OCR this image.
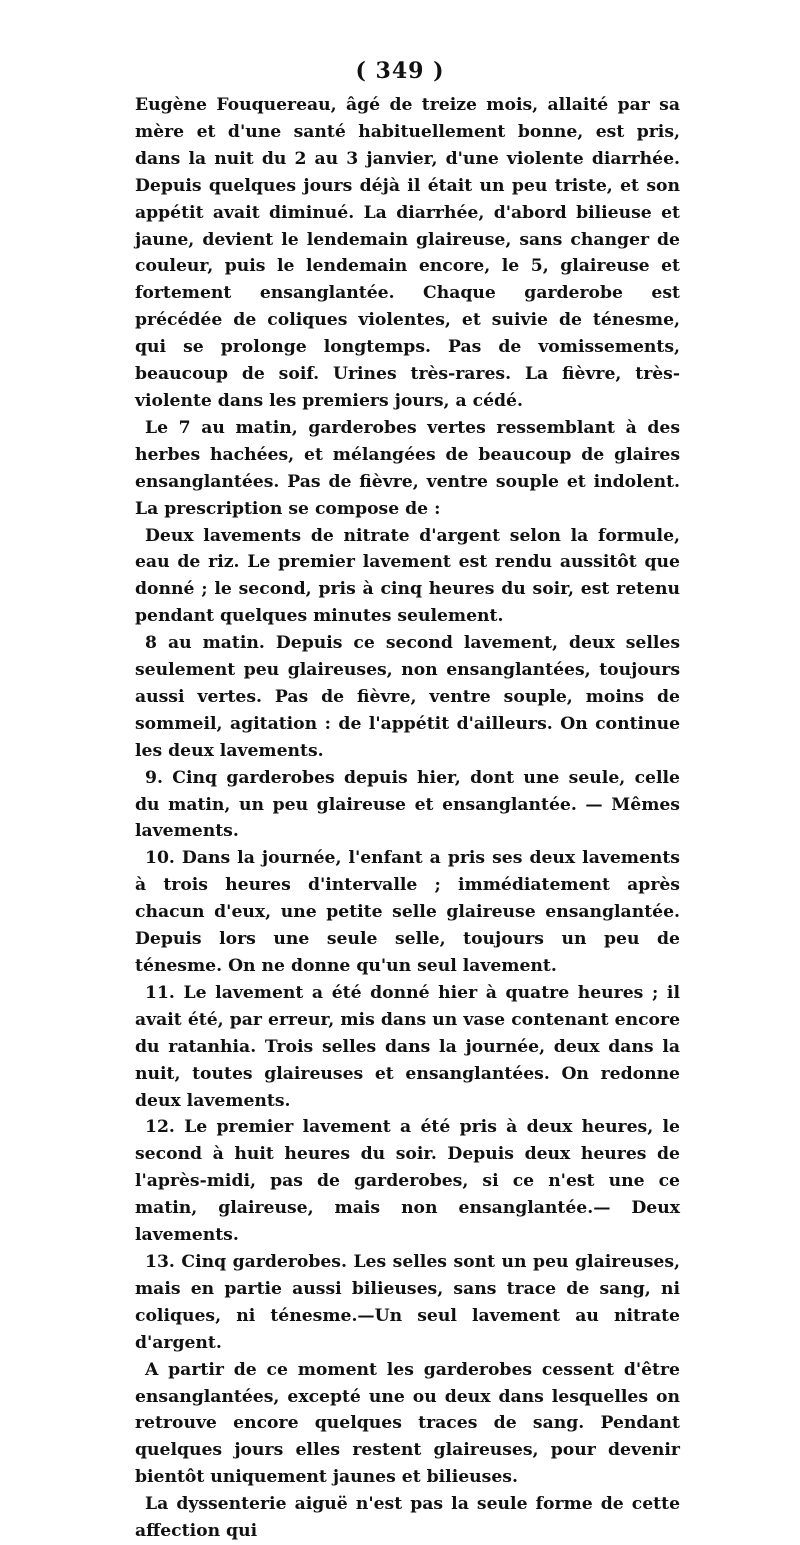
( 349 )

Eugène Fouquereau, âgé de treize mois, allaité par sa mère et d'une santé habituellement bonne, est pris, dans la nuit du 2 au 3 janvier, d'une violente diarrhée. Depuis quelques jours déjà il était un peu triste, et son appétit avait diminué. La diarrhée, d'abord bilieuse et jaune, devient le lendemain glaireuse, sans changer de couleur, puis le lendemain encore, le 5, glaireuse et fortement ensanglantée. Chaque garderobe est précédée de coliques violentes, et suivie de ténesme, qui se prolonge longtemps. Pas de vomissements, beaucoup de soif. Urines très-rares. La fièvre, très-violente dans les premiers jours, a cédé.

Le 7 au matin, garderobes vertes ressemblant à des herbes hachées, et mélangées de beaucoup de glaires ensanglantées. Pas de fièvre, ventre souple et indolent. La prescription se compose de :

Deux lavements de nitrate d'argent selon la formule, eau de riz. Le premier lavement est rendu aussitôt que donné ; le second, pris à cinq heures du soir, est retenu pendant quelques minutes seulement.

8 au matin. Depuis ce second lavement, deux selles seulement peu glaireuses, non ensanglantées, toujours aussi vertes. Pas de fièvre, ventre souple, moins de sommeil, agitation : de l'appétit d'ailleurs. On continue les deux lavements.

9. Cinq garderobes depuis hier, dont une seule, celle du matin, un peu glaireuse et ensanglantée. — Mêmes lavements.

10. Dans la journée, l'enfant a pris ses deux lavements à trois heures d'intervalle ; immédiatement après chacun d'eux, une petite selle glaireuse ensanglantée. Depuis lors une seule selle, toujours un peu de ténesme. On ne donne qu'un seul lavement.

11. Le lavement a été donné hier à quatre heures ; il avait été, par erreur, mis dans un vase contenant encore du ratanhia. Trois selles dans la journée, deux dans la nuit, toutes glaireuses et ensanglantées. On redonne deux lavements.

12. Le premier lavement a été pris à deux heures, le second à huit heures du soir. Depuis deux heures de l'après-midi, pas de garderobes, si ce n'est une ce matin, glaireuse, mais non ensanglantée.— Deux lavements.

13. Cinq garderobes. Les selles sont un peu glaireuses, mais en partie aussi bilieuses, sans trace de sang, ni coliques, ni ténesme.—Un seul lavement au nitrate d'argent.

A partir de ce moment les garderobes cessent d'être ensanglantées, excepté une ou deux dans lesquelles on retrouve encore quelques traces de sang. Pendant quelques jours elles restent glaireuses, pour devenir bientôt uniquement jaunes et bilieuses.

La dyssenterie aiguë n'est pas la seule forme de cette affection qui
